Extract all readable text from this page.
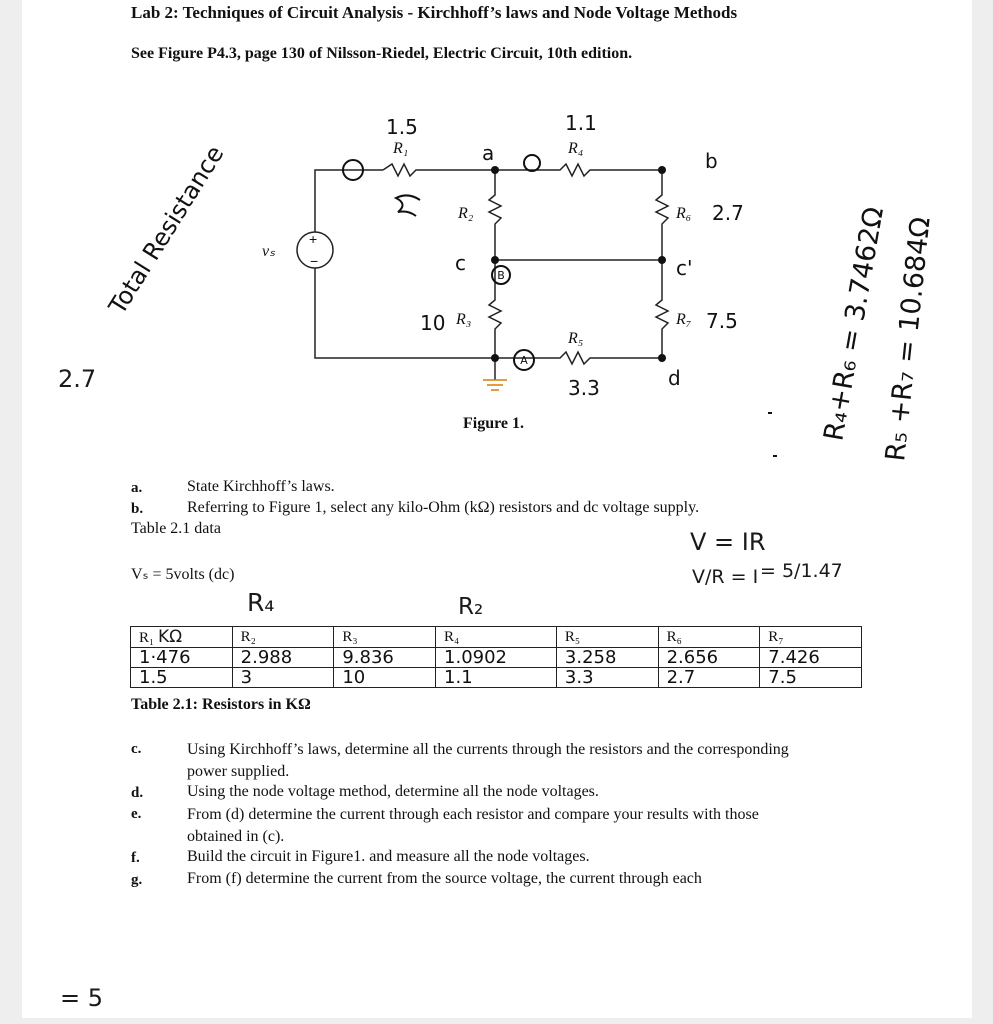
Lab 2: Techniques of Circuit Analysis - Kirchhoff’s laws and Node Voltage Methods
See Figure P4.3, page 130 of Nilsson-Riedel, Electric Circuit, 10th edition.
R₁	R₄
R₂
R₃
R₅
R₆
R₇
vₛ
+
−
1.5	1.1
2.7
7.5
3.3
10
a	b
c	c'
d
B
A
Total Resistance	R₄+R₆ = 3.7462Ω
R₅ +R₇ = 10.684Ω
Figure 1.
2.7
a.	State Kirchhoff’s laws.
b.	Referring to Figure 1, select any kilo-Ohm (kΩ) resistors and dc voltage supply.
Table 2.1 data	V = IR
Vₛ = 5volts (dc)	V/R = I = 5/1.47
R₄	R₂
R₁ KΩ	R₂	R₃	R₄	R₅	R₆	R₇
1·476	2.988	9.836	1.0902	3.258	2.656	7.426
1.5	3	10	1.1	3.3	2.7	7.5
Table 2.1: Resistors in KΩ
c.	Using Kirchhoff’s laws, determine all the currents through the resistors and the corresponding power supplied.
d.	Using the node voltage method, determine all the node voltages.
e.	From (d) determine the current through each resistor and compare your results with those obtained in (c).
f.	Build the circuit in Figure1. and measure all the node voltages.
g.	From (f) determine the current from the source voltage, the current through each
= 5
